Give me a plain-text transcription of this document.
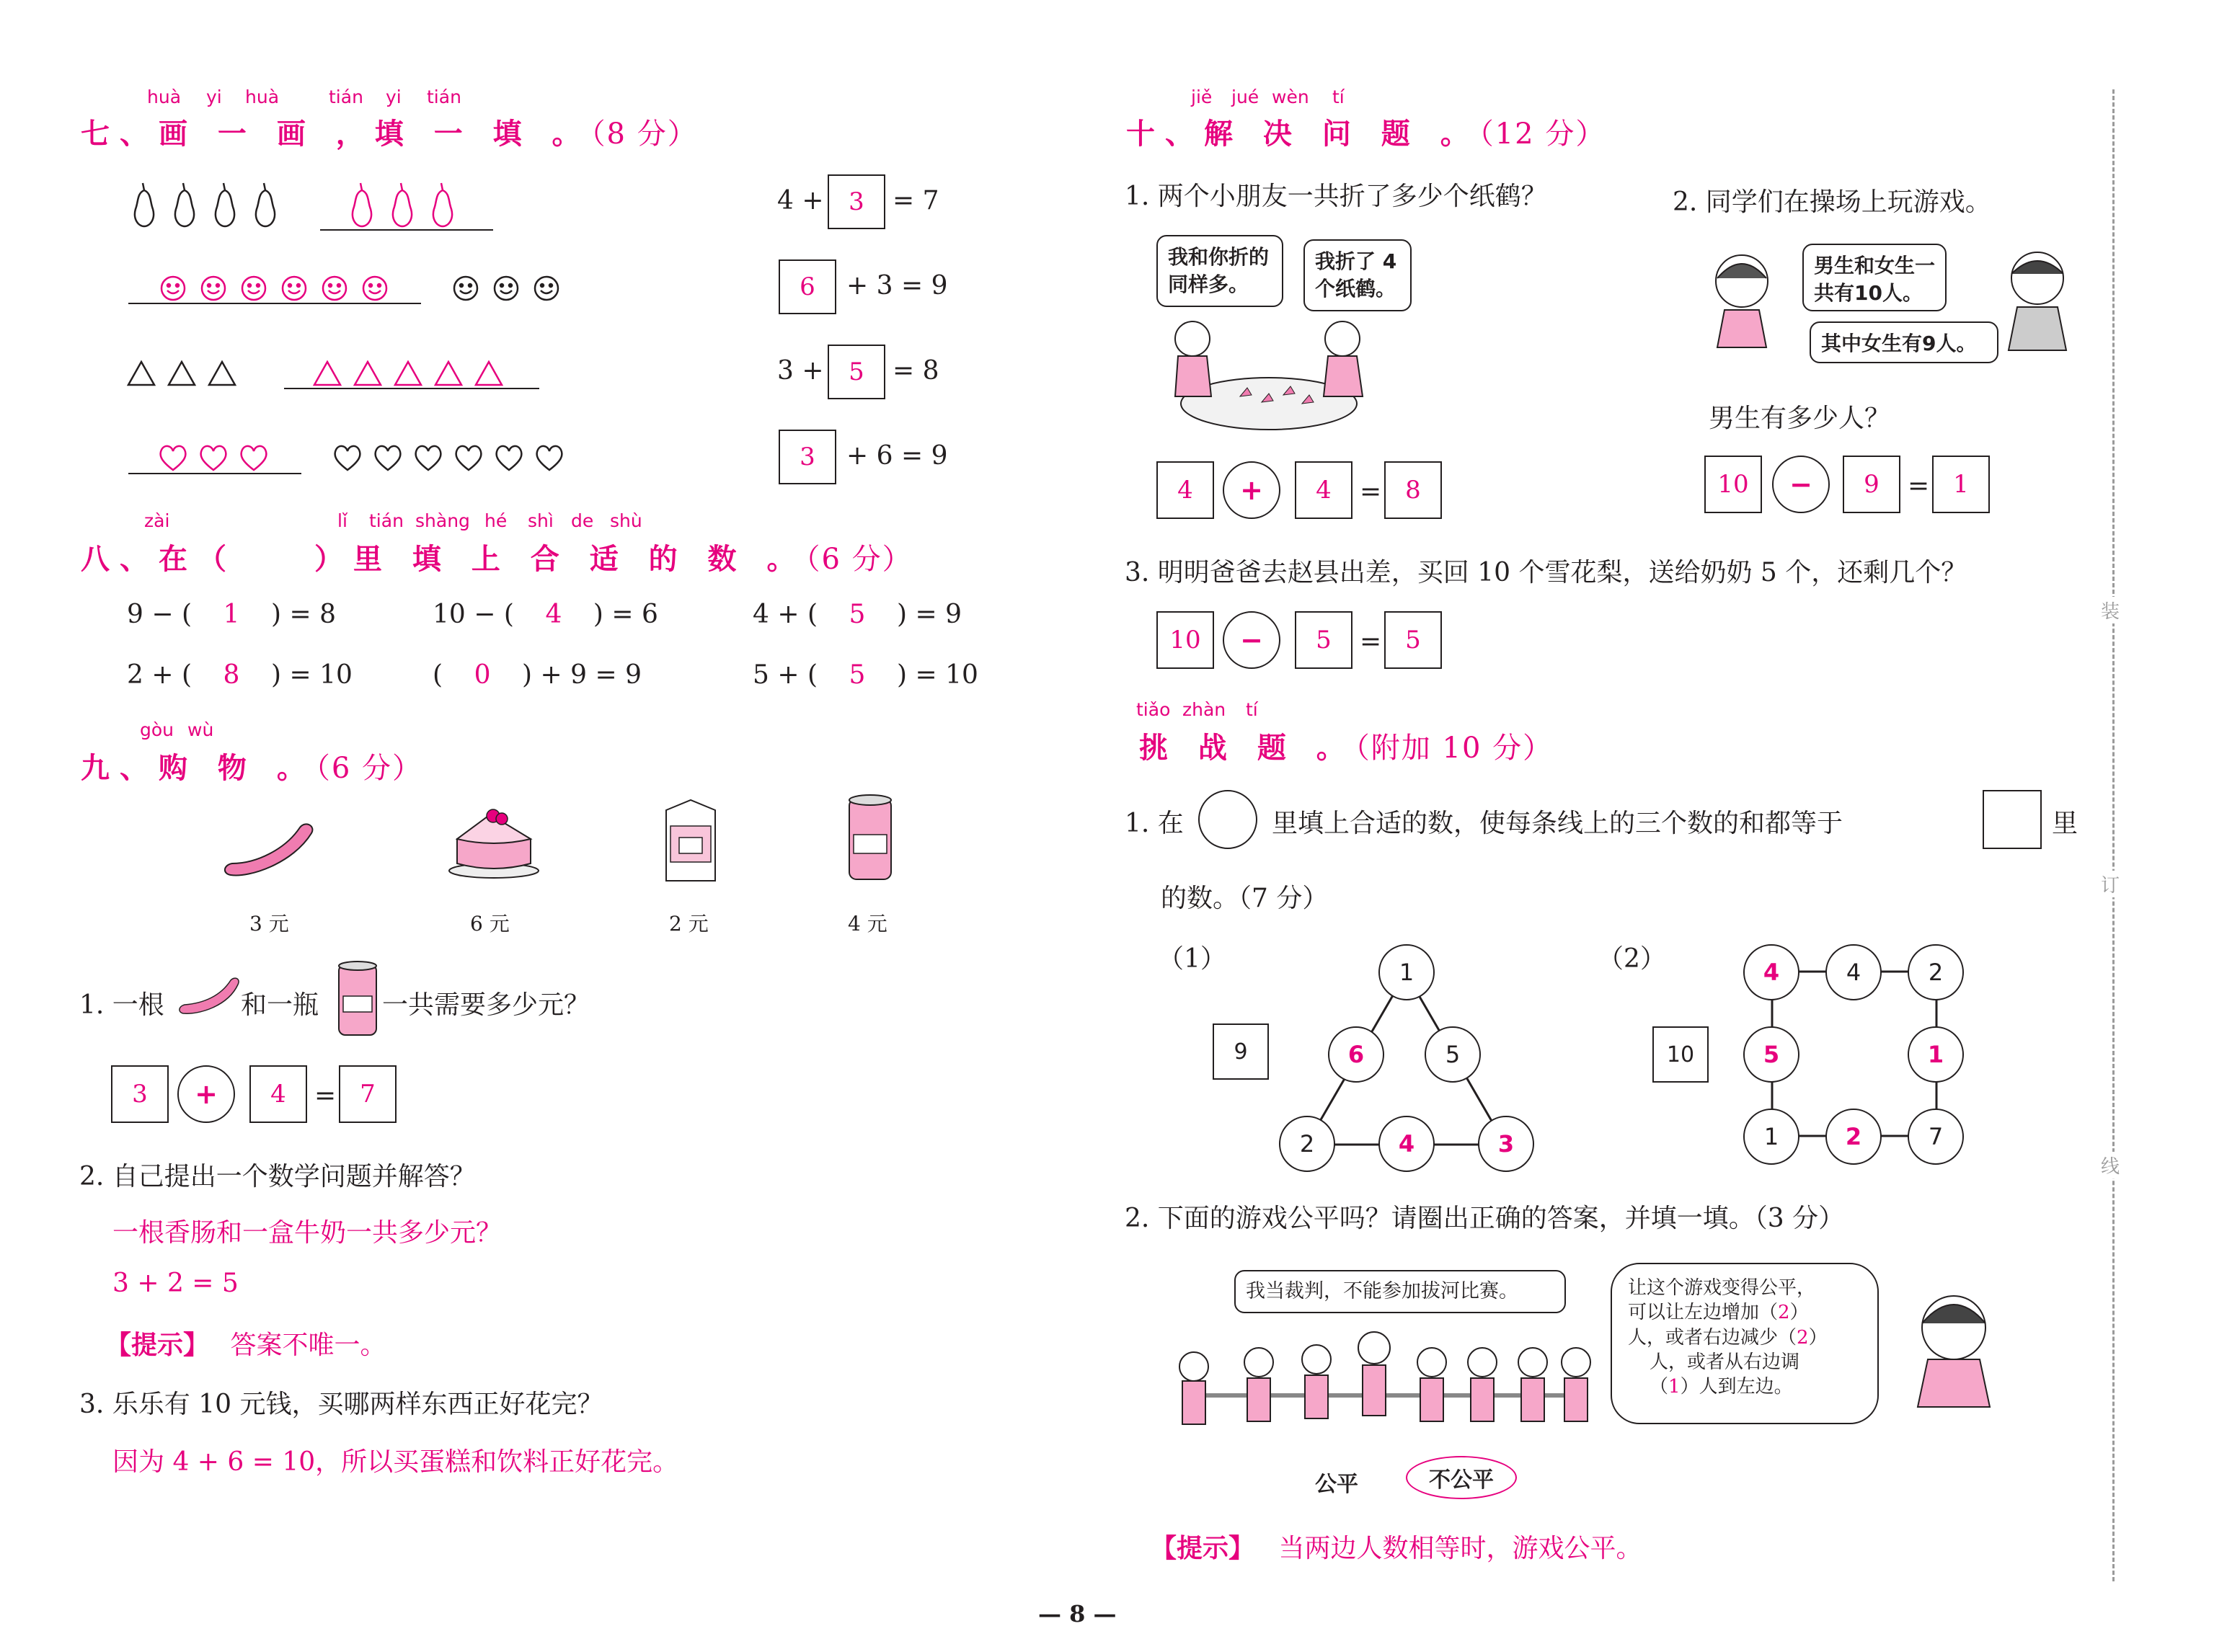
huà yi huà	tián yi tián
七、画 一 画 ，填 一 填 。（8 分）
4 +	3	= 7
6	+ 3 = 9
3 +	5	= 8
3	+ 6 = 9
zài	lǐ tián shàng hé shì de shù
八、在（　　）里 填 上 合 适 的 数 。（6 分）
9 − ( 1 ) = 8	10 − ( 4 ) = 6	4 + ( 5 ) = 9
2 + ( 8 ) = 10	( 0 ) + 9 = 9	5 + ( 5 ) = 10
gòu wù
九、购 物 。（6 分）
3 元	6 元	2 元	4 元
1. 一根	和一瓶 一共需要多少元？
3	+	4	= 7
2. 自己提出一个数学问题并解答？
一根香肠和一盒牛奶一共多少元？
3 + 2 = 5
【提示】 答案不唯一。
3. 乐乐有 10 元钱，买哪两样东西正好花完？
因为 4 + 6 = 10，所以买蛋糕和饮料正好花完。
jiě jué wèn tí
十、解 决 问 题 。（12 分）
1. 两个小朋友一共折了多少个纸鹤？	2. 同学们在操场上玩游戏。
我和你折的同样多。
我折了 4 个纸鹤。
4	+	4	= 8
男生和女生一共有10人。
其中女生有9人。
男生有多少人？
10	−	9	= 1
3. 明明爸爸去赵县出差，买回 10 个雪花梨，送给奶奶 5 个，还剩几个？
10	−	5	= 5
tiǎo zhàn tí
挑 战 题 。（附加 10 分）
1. 在	里填上合适的数，使每条线上的三个数的和都等于	里
的数。（7 分）
（1）
9
1
6	5
2	4	3
（2）
10
4	4	2
5	1
1	2	7
2. 下面的游戏公平吗？请圈出正确的答案，并填一填。（3 分）
我当裁判，不能参加拔河比赛。	让这个游戏变得公平，
可以让左边增加（2）
人，或者右边减少（2）
人，或者从右边调
（1）人到左边。
公平	不公平
【提示】 当两边人数相等时，游戏公平。
装
订
线
— 8 —
